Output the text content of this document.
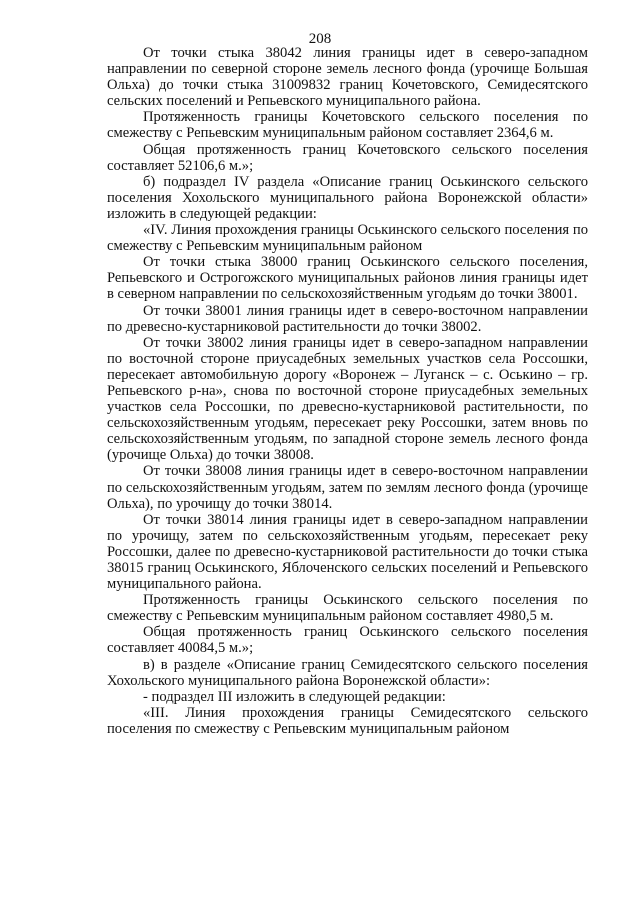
208

От точки стыка 38042 линия границы идет в северо-западном направлении по северной стороне земель лесного фонда (урочище Большая Ольха) до точки стыка 31009832 границ Кочетовского, Семидесятского сельских поселений и Репьевского муниципального района.

Протяженность границы Кочетовского сельского поселения по смежеству с Репьевским муниципальным районом составляет 2364,6 м.

Общая протяженность границ Кочетовского сельского поселения составляет 52106,6 м.»;

б) подраздел IV раздела «Описание границ Оськинского сельского поселения Хохольского муниципального района Воронежской области» изложить в следующей редакции:

«IV. Линия прохождения границы Оськинского сельского поселения по смежеству с Репьевским муниципальным районом

От точки стыка 38000 границ Оськинского сельского поселения, Репьевского и Острогожского муниципальных районов линия границы идет в северном направлении по сельскохозяйственным угодьям до точки 38001.

От точки 38001 линия границы идет в северо-восточном направлении по древесно-кустарниковой растительности до точки 38002.

От точки 38002 линия границы идет в северо-западном направлении по восточной стороне приусадебных земельных участков села Россошки, пересекает автомобильную дорогу «Воронеж – Луганск – с. Оськино – гр. Репьевского р-на», снова по восточной стороне приусадебных земельных участков села Россошки, по древесно-кустарниковой растительности, по сельскохозяйственным угодьям, пересекает реку Россошки, затем вновь по сельскохозяйственным угодьям, по западной стороне земель лесного фонда (урочище Ольха) до точки 38008.

От точки 38008 линия границы идет в северо-восточном направлении по сельскохозяйственным угодьям, затем по землям лесного фонда (урочище Ольха), по урочищу до точки 38014.

От точки 38014 линия границы идет в северо-западном направлении по урочищу, затем по сельскохозяйственным угодьям, пересекает реку Россошки, далее по древесно-кустарниковой растительности до точки стыка 38015 границ Оськинского, Яблоченского сельских поселений и Репьевского муниципального района.

Протяженность границы Оськинского сельского поселения по смежеству с Репьевским муниципальным районом составляет 4980,5 м.

Общая протяженность границ Оськинского сельского поселения составляет 40084,5 м.»;

в) в разделе «Описание границ Семидесятского сельского поселения Хохольского муниципального района Воронежской области»:

- подраздел III изложить в следующей редакции:

«III. Линия прохождения границы Семидесятского сельского поселения по смежеству с Репьевским муниципальным районом
